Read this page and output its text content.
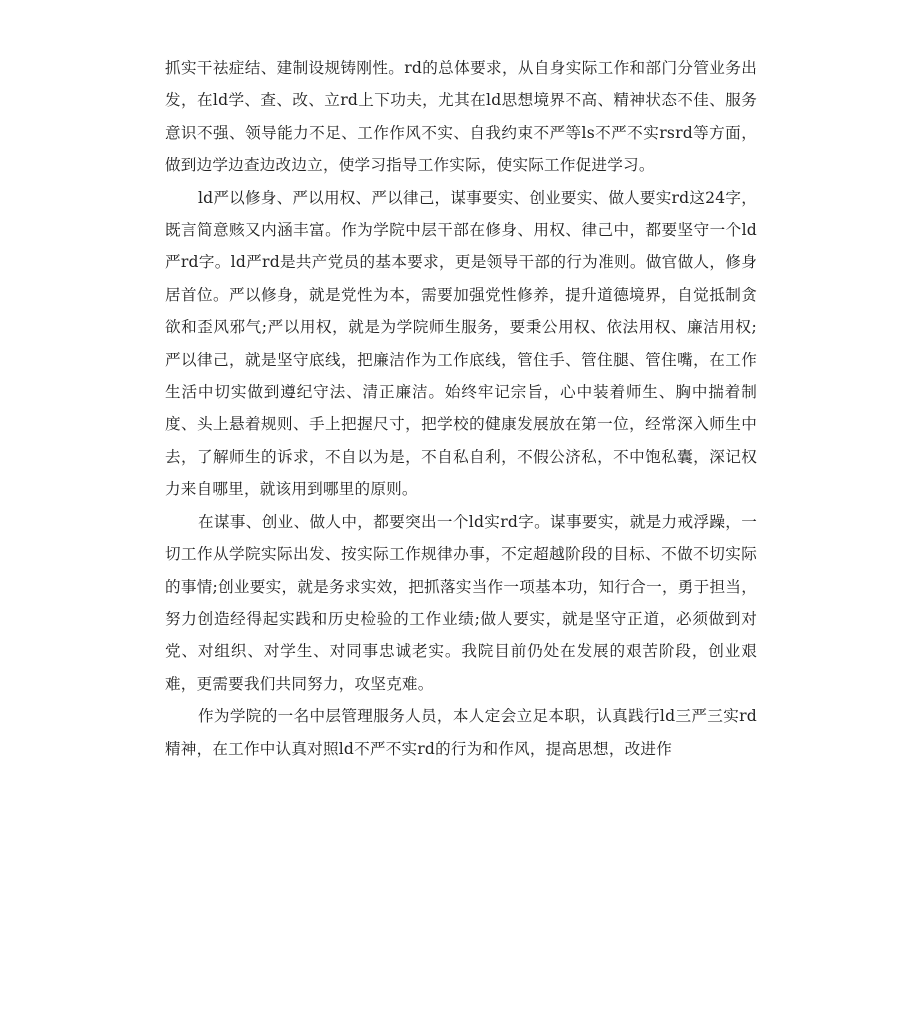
抓实干祛症结、建制设规铸刚性。rd的总体要求，从自身实际工作和部门分管业务出发，在ld学、查、改、立rd上下功夫，尤其在ld思想境界不高、精神状态不佳、服务意识不强、领导能力不足、工作作风不实、自我约束不严等ls不严不实rsrd等方面，做到边学边查边改边立，使学习指导工作实际，使实际工作促进学习。

ld严以修身、严以用权、严以律己，谋事要实、创业要实、做人要实rd这24字，既言简意赅又内涵丰富。作为学院中层干部在修身、用权、律己中，都要坚守一个ld严rd字。ld严rd是共产党员的基本要求，更是领导干部的行为准则。做官做人，修身居首位。严以修身，就是党性为本，需要加强党性修养，提升道德境界，自觉抵制贪欲和歪风邪气;严以用权，就是为学院师生服务，要秉公用权、依法用权、廉洁用权;严以律己，就是坚守底线，把廉洁作为工作底线，管住手、管住腿、管住嘴，在工作生活中切实做到遵纪守法、清正廉洁。始终牢记宗旨，心中装着师生、胸中揣着制度、头上悬着规则、手上把握尺寸，把学校的健康发展放在第一位，经常深入师生中去，了解师生的诉求，不自以为是，不自私自利，不假公济私，不中饱私囊，深记权力来自哪里，就该用到哪里的原则。

在谋事、创业、做人中，都要突出一个ld实rd字。谋事要实，就是力戒浮躁，一切工作从学院实际出发、按实际工作规律办事，不定超越阶段的目标、不做不切实际的事情;创业要实，就是务求实效，把抓落实当作一项基本功，知行合一，勇于担当，努力创造经得起实践和历史检验的工作业绩;做人要实，就是坚守正道，必须做到对党、对组织、对学生、对同事忠诚老实。我院目前仍处在发展的艰苦阶段，创业艰难，更需要我们共同努力，攻坚克难。

作为学院的一名中层管理服务人员，本人定会立足本职，认真践行ld三严三实rd精神，在工作中认真对照ld不严不实rd的行为和作风，提高思想，改进作
